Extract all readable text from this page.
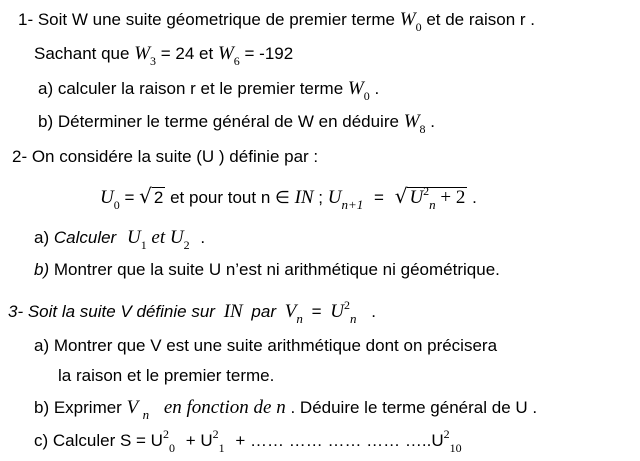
1- Soit W une suite géometrique de premier terme $W_0$ et de raison r .
Sachant que $W_3 = 24$ et $W_6 = -192$
a) calculer la raison r et le premier terme $W_0$ .
b) Déterminer le terme général de W en déduire $W_8$ .
2- On considére la suite (U ) définie par :
$U_0$ = √ 2 et pour tout n ∈ IN ; $U_{n+1}$ = √ $U^2_n + 2$ .
a) Calculer $U_1$ et $U_2$ .
b) Montrer que la suite U n’est ni arithmétique ni géométrique.
3- Soit la suite V définie sur IN par $V_n = U^2_n$ .
a) Montrer que V est une suite arithmétique dont on précisera
la raison et le premier terme.
b) Exprimer V $_n$ en fonction de n . Déduire le terme général de U .
c) Calculer $S = U^2_0 + U^2_1$ + …… …… …… …… $\dots..U^2_{10}$
